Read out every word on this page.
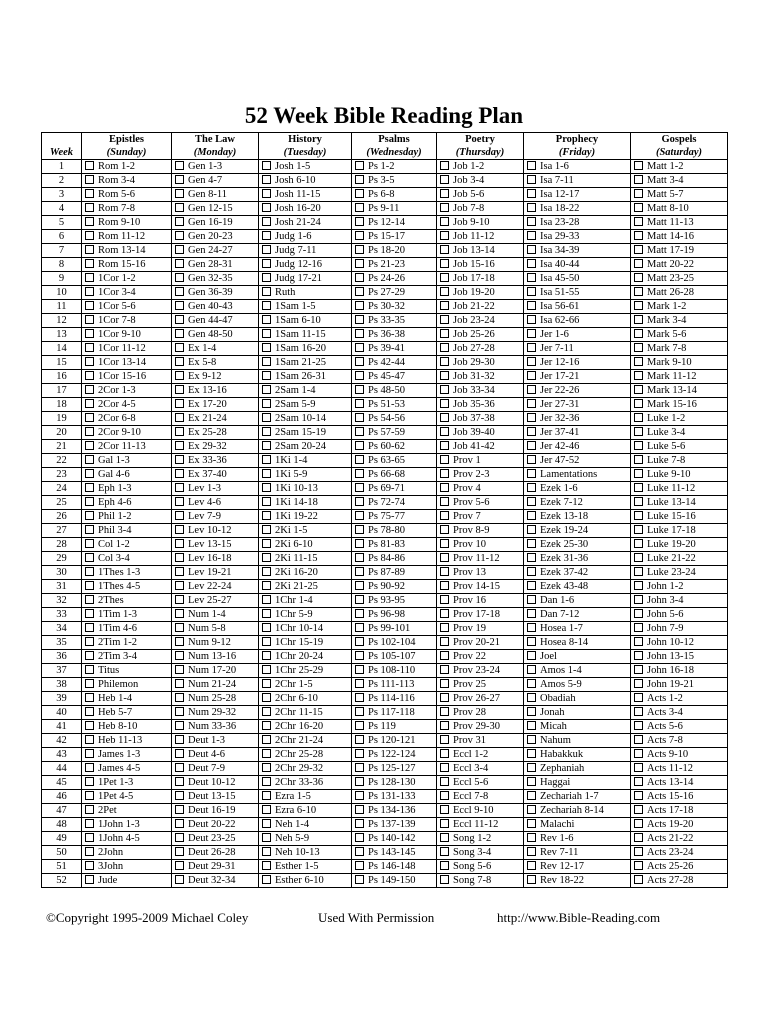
52 Week Bible Reading Plan
	Epistles	The Law	History	Psalms	Poetry	Prophecy	Gospels
Week	(Sunday)	(Monday)	(Tuesday)	(Wednesday)	(Thursday)	(Friday)	(Saturday)
1	Rom 1-2	Gen 1-3	Josh 1-5	Ps 1-2	Job 1-2	Isa 1-6	Matt 1-2
2	Rom 3-4	Gen 4-7	Josh 6-10	Ps 3-5	Job 3-4	Isa 7-11	Matt 3-4
3	Rom 5-6	Gen 8-11	Josh 11-15	Ps 6-8	Job 5-6	Isa 12-17	Matt 5-7
4	Rom 7-8	Gen 12-15	Josh 16-20	Ps 9-11	Job 7-8	Isa 18-22	Matt 8-10
5	Rom 9-10	Gen 16-19	Josh 21-24	Ps 12-14	Job 9-10	Isa 23-28	Matt 11-13
6	Rom 11-12	Gen 20-23	Judg 1-6	Ps 15-17	Job 11-12	Isa 29-33	Matt 14-16
7	Rom 13-14	Gen 24-27	Judg 7-11	Ps 18-20	Job 13-14	Isa 34-39	Matt 17-19
8	Rom 15-16	Gen 28-31	Judg 12-16	Ps 21-23	Job 15-16	Isa 40-44	Matt 20-22
9	1Cor 1-2	Gen 32-35	Judg 17-21	Ps 24-26	Job 17-18	Isa 45-50	Matt 23-25
10	1Cor 3-4	Gen 36-39	Ruth	Ps 27-29	Job 19-20	Isa 51-55	Matt 26-28
11	1Cor 5-6	Gen 40-43	1Sam 1-5	Ps 30-32	Job 21-22	Isa 56-61	Mark 1-2
12	1Cor 7-8	Gen 44-47	1Sam 6-10	Ps 33-35	Job 23-24	Isa 62-66	Mark 3-4
13	1Cor 9-10	Gen 48-50	1Sam 11-15	Ps 36-38	Job 25-26	Jer 1-6	Mark 5-6
14	1Cor 11-12	Ex 1-4	1Sam 16-20	Ps 39-41	Job 27-28	Jer 7-11	Mark 7-8
15	1Cor 13-14	Ex 5-8	1Sam 21-25	Ps 42-44	Job 29-30	Jer 12-16	Mark 9-10
16	1Cor 15-16	Ex 9-12	1Sam 26-31	Ps 45-47	Job 31-32	Jer 17-21	Mark 11-12
17	2Cor 1-3	Ex 13-16	2Sam 1-4	Ps 48-50	Job 33-34	Jer 22-26	Mark 13-14
18	2Cor 4-5	Ex 17-20	2Sam 5-9	Ps 51-53	Job 35-36	Jer 27-31	Mark 15-16
19	2Cor 6-8	Ex 21-24	2Sam 10-14	Ps 54-56	Job 37-38	Jer 32-36	Luke 1-2
20	2Cor 9-10	Ex 25-28	2Sam 15-19	Ps 57-59	Job 39-40	Jer 37-41	Luke 3-4
21	2Cor 11-13	Ex 29-32	2Sam 20-24	Ps 60-62	Job 41-42	Jer 42-46	Luke 5-6
22	Gal 1-3	Ex 33-36	1Ki 1-4	Ps 63-65	Prov 1	Jer 47-52	Luke 7-8
23	Gal 4-6	Ex 37-40	1Ki 5-9	Ps 66-68	Prov 2-3	Lamentations	Luke 9-10
24	Eph 1-3	Lev 1-3	1Ki 10-13	Ps 69-71	Prov 4	Ezek 1-6	Luke 11-12
25	Eph 4-6	Lev 4-6	1Ki 14-18	Ps 72-74	Prov 5-6	Ezek 7-12	Luke 13-14
26	Phil 1-2	Lev 7-9	1Ki 19-22	Ps 75-77	Prov 7	Ezek 13-18	Luke 15-16
27	Phil 3-4	Lev 10-12	2Ki 1-5	Ps 78-80	Prov 8-9	Ezek 19-24	Luke 17-18
28	Col 1-2	Lev 13-15	2Ki 6-10	Ps 81-83	Prov 10	Ezek 25-30	Luke 19-20
29	Col 3-4	Lev 16-18	2Ki 11-15	Ps 84-86	Prov 11-12	Ezek 31-36	Luke 21-22
30	1Thes 1-3	Lev 19-21	2Ki 16-20	Ps 87-89	Prov 13	Ezek 37-42	Luke 23-24
31	1Thes 4-5	Lev 22-24	2Ki 21-25	Ps 90-92	Prov 14-15	Ezek 43-48	John 1-2
32	2Thes	Lev 25-27	1Chr 1-4	Ps 93-95	Prov 16	Dan 1-6	John 3-4
33	1Tim 1-3	Num 1-4	1Chr 5-9	Ps 96-98	Prov 17-18	Dan 7-12	John 5-6
34	1Tim 4-6	Num 5-8	1Chr 10-14	Ps 99-101	Prov 19	Hosea 1-7	John 7-9
35	2Tim 1-2	Num 9-12	1Chr 15-19	Ps 102-104	Prov 20-21	Hosea 8-14	John 10-12
36	2Tim 3-4	Num 13-16	1Chr 20-24	Ps 105-107	Prov 22	Joel	John 13-15
37	Titus	Num 17-20	1Chr 25-29	Ps 108-110	Prov 23-24	Amos 1-4	John 16-18
38	Philemon	Num 21-24	2Chr 1-5	Ps 111-113	Prov 25	Amos 5-9	John 19-21
39	Heb 1-4	Num 25-28	2Chr 6-10	Ps 114-116	Prov 26-27	Obadiah	Acts 1-2
40	Heb 5-7	Num 29-32	2Chr 11-15	Ps 117-118	Prov 28	Jonah	Acts 3-4
41	Heb 8-10	Num 33-36	2Chr 16-20	Ps 119	Prov 29-30	Micah	Acts 5-6
42	Heb 11-13	Deut 1-3	2Chr 21-24	Ps 120-121	Prov 31	Nahum	Acts 7-8
43	James 1-3	Deut 4-6	2Chr 25-28	Ps 122-124	Eccl 1-2	Habakkuk	Acts 9-10
44	James 4-5	Deut 7-9	2Chr 29-32	Ps 125-127	Eccl 3-4	Zephaniah	Acts 11-12
45	1Pet 1-3	Deut 10-12	2Chr 33-36	Ps 128-130	Eccl 5-6	Haggai	Acts 13-14
46	1Pet 4-5	Deut 13-15	Ezra 1-5	Ps 131-133	Eccl 7-8	Zechariah 1-7	Acts 15-16
47	2Pet	Deut 16-19	Ezra 6-10	Ps 134-136	Eccl 9-10	Zechariah 8-14	Acts 17-18
48	1John 1-3	Deut 20-22	Neh 1-4	Ps 137-139	Eccl 11-12	Malachi	Acts 19-20
49	1John 4-5	Deut 23-25	Neh 5-9	Ps 140-142	Song 1-2	Rev 1-6	Acts 21-22
50	2John	Deut 26-28	Neh 10-13	Ps 143-145	Song 3-4	Rev 7-11	Acts 23-24
51	3John	Deut 29-31	Esther 1-5	Ps 146-148	Song 5-6	Rev 12-17	Acts 25-26
52	Jude	Deut 32-34	Esther 6-10	Ps 149-150	Song 7-8	Rev 18-22	Acts 27-28
©Copyright 1995-2009 Michael Coley	Used With Permission	http://www.Bible-Reading.com
